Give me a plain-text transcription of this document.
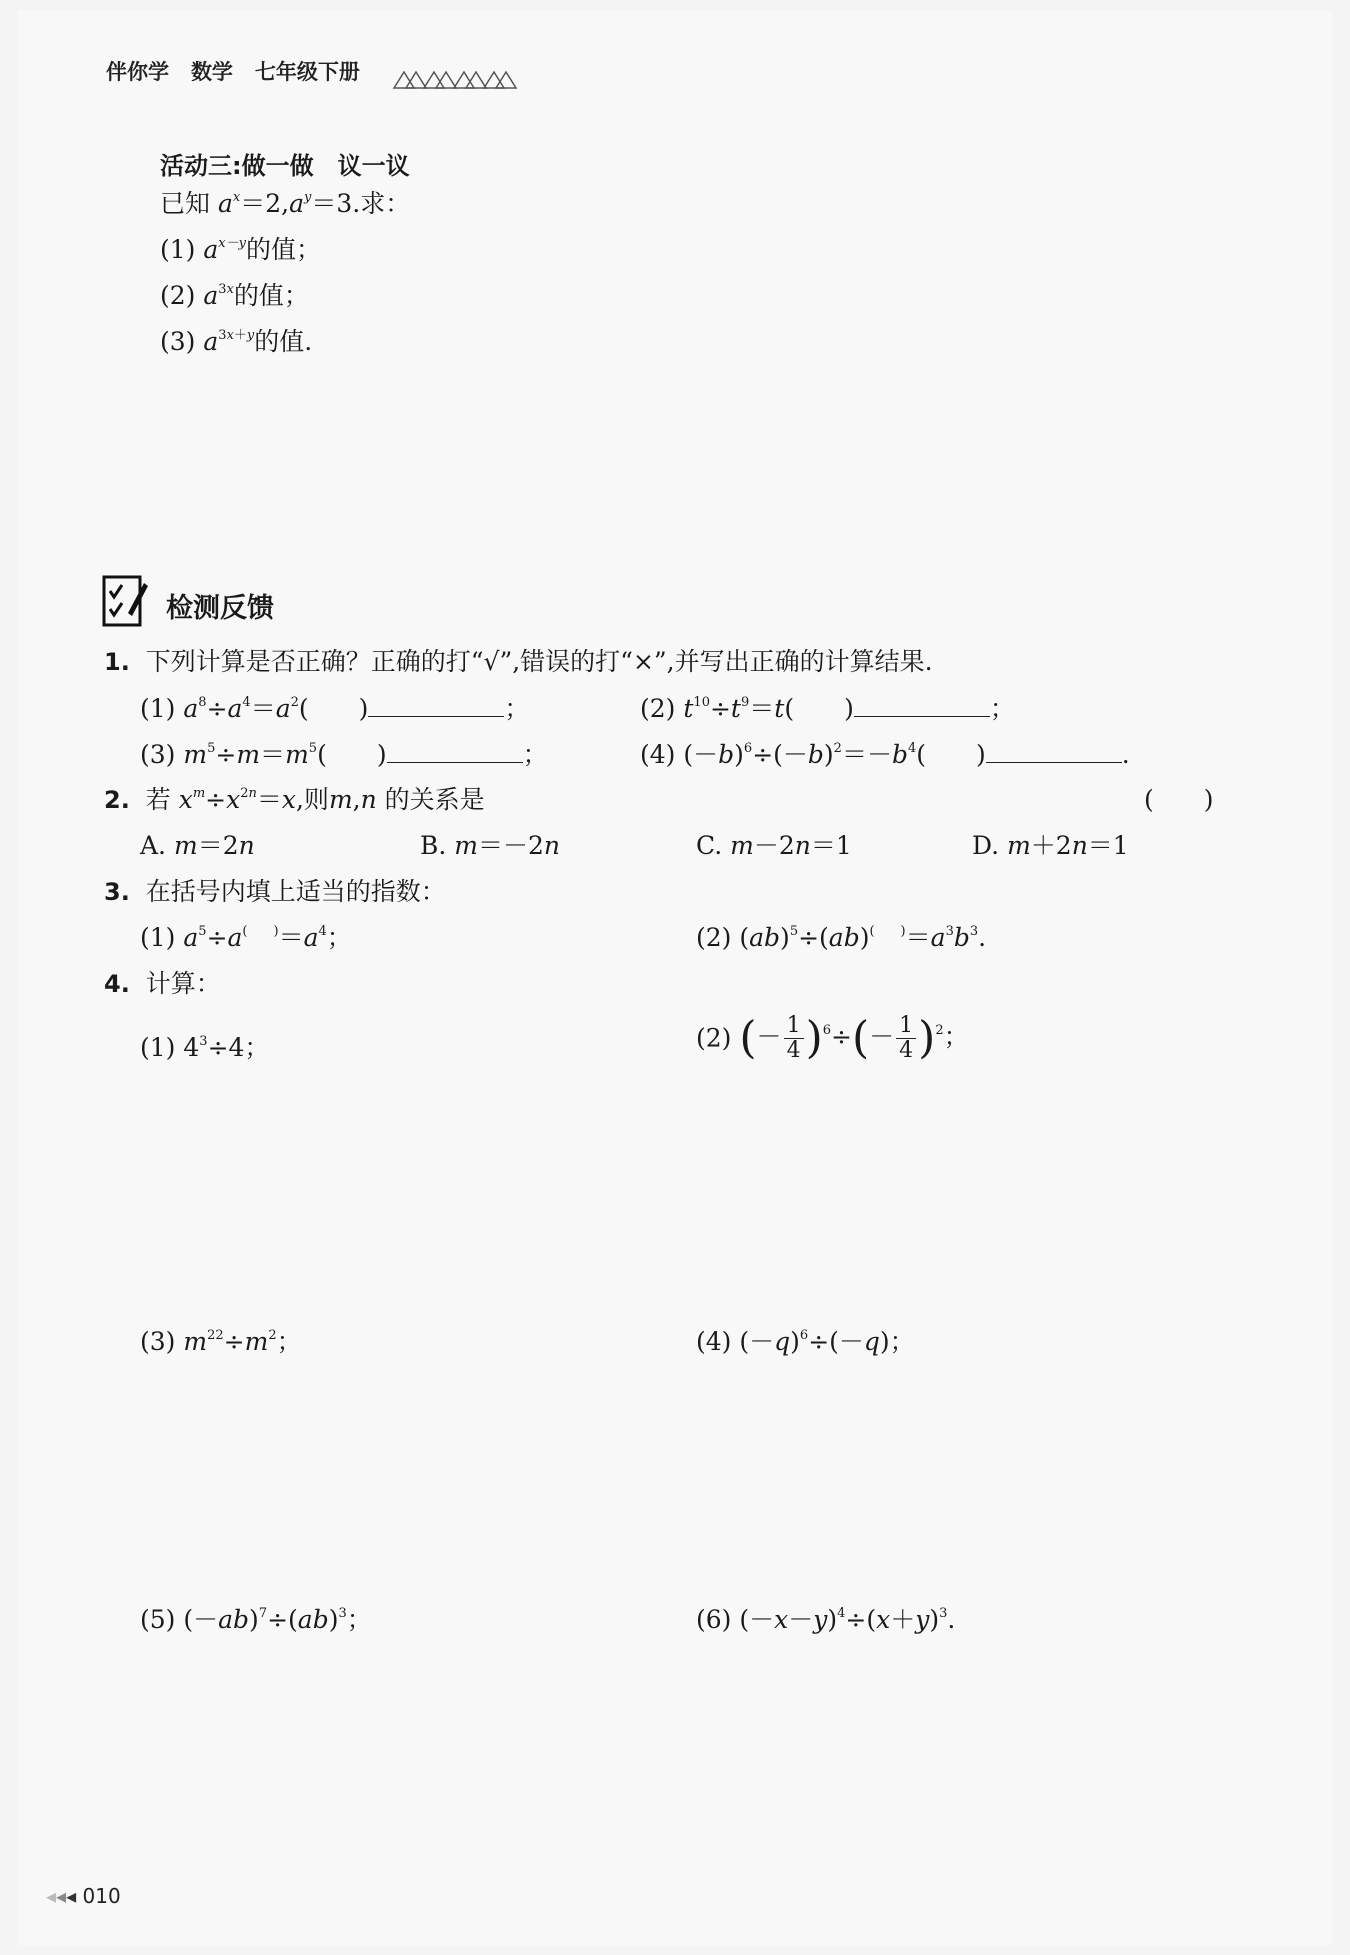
伴你学 数学 七年级下册
活动三:做一做　议一议
已知 $a^x=2,a^y=3$.求：
(1) $a^{x-y}$的值；
(2) $a^{3x}$的值；
(3) $a^{3x+y}$的值.
检测反馈
1. 下列计算是否正确？正确的打“√”,错误的打“×”,并写出正确的计算结果.
(1) $a^8\div a^4=a^2$(　　)	；	(2) $t^{10}\div t^9=t$(　　)	；
(3) $m^5\div m=m^5$(　　)	；	(4) $(-b)^6\div(-b)^2=-b^4$(　　)	.
2. 若 $x^m\div x^{2n}=x$,则m,n 的关系是	(　　)
A. m＝2n	B. m＝－2n	C. m－2n＝1	D. m＋2n＝1
3. 在括号内填上适当的指数：
(1) $a^5\div a^{( )}=a^4$；	(2) $(ab)^5\div(ab)^{( )}=a^3b^3$.
4. 计算：
(1) $4^3\div 4$；	(2) (－ $\frac{1}{4} )^6\div(- \frac{1}{4} )^2$；
(3) $m^{22}\div m^2$；	(4) $(-q)^6\div(-q)$；
(5) $(-ab)^7\div(ab)^3$；	(6) $(-x-y)^4\div(x+y)^3$.
◂◂◂ 010
